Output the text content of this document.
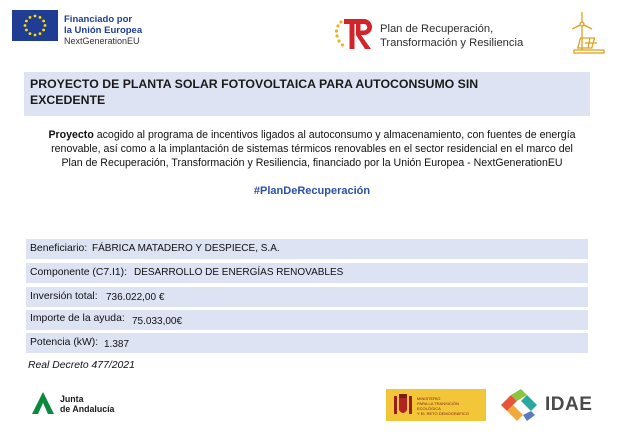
Financiado por
la Unión Europea
NextGenerationEU
Plan de Recuperación,
Transformación y Resiliencia
PROYECTO DE PLANTA SOLAR FOTOVOLTAICA PARA AUTOCONSUMO SIN
EXCEDENTE
Proyecto acogido al programa de incentivos ligados al autoconsumo y almacenamiento, con fuentes de energía
renovable, así como a la implantación de sistemas térmicos renovables en el sector residencial en el marco del
Plan de Recuperación, Transformación y Resiliencia, financiado por la Unión Europea - NextGenerationEU
#PlanDeRecuperación
Beneficiario: FÁBRICA MATADERO Y DESPIECE, S.A.
Componente (C7.I1): DESARROLLO DE ENERGÍAS RENOVABLES
Inversión total: 736.022,00 €
Importe de la ayuda: 75.033,00€
Potencia (kW): 1.387
Real Decreto 477/2021
Junta
de Andalucía
MINISTERIO
PARA LA TRANSICIÓN ECOLÓGICA
Y EL RETO DEMOGRÁFICO	IDAE
